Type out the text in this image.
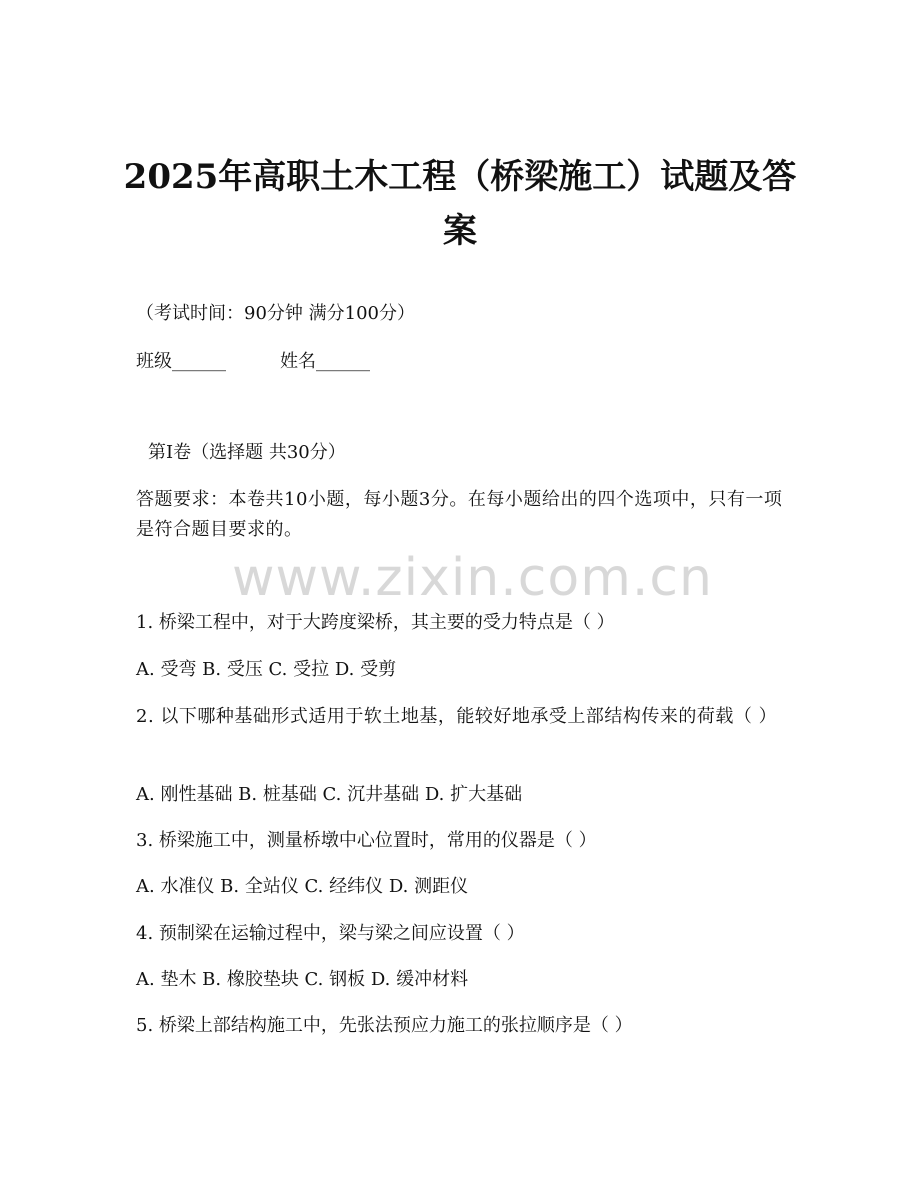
2025年高职土木工程（桥梁施工）试题及答案
（考试时间：90分钟 满分100分）
班级______	姓名______
第I卷（选择题 共30分）
答题要求：本卷共10小题，每小题3分。在每小题给出的四个选项中，只有一项是符合题目要求的。
www.zixin.com.cn
1. 桥梁工程中，对于大跨度梁桥，其主要的受力特点是（ ）
A. 受弯 B. 受压 C. 受拉 D. 受剪
2. 以下哪种基础形式适用于软土地基，能较好地承受上部结构传来的荷载（ ）
A. 刚性基础 B. 桩基础 C. 沉井基础 D. 扩大基础
3. 桥梁施工中，测量桥墩中心位置时，常用的仪器是（ ）
A. 水准仪 B. 全站仪 C. 经纬仪 D. 测距仪
4. 预制梁在运输过程中，梁与梁之间应设置（ ）
A. 垫木 B. 橡胶垫块 C. 钢板 D. 缓冲材料
5. 桥梁上部结构施工中，先张法预应力施工的张拉顺序是（ ）
